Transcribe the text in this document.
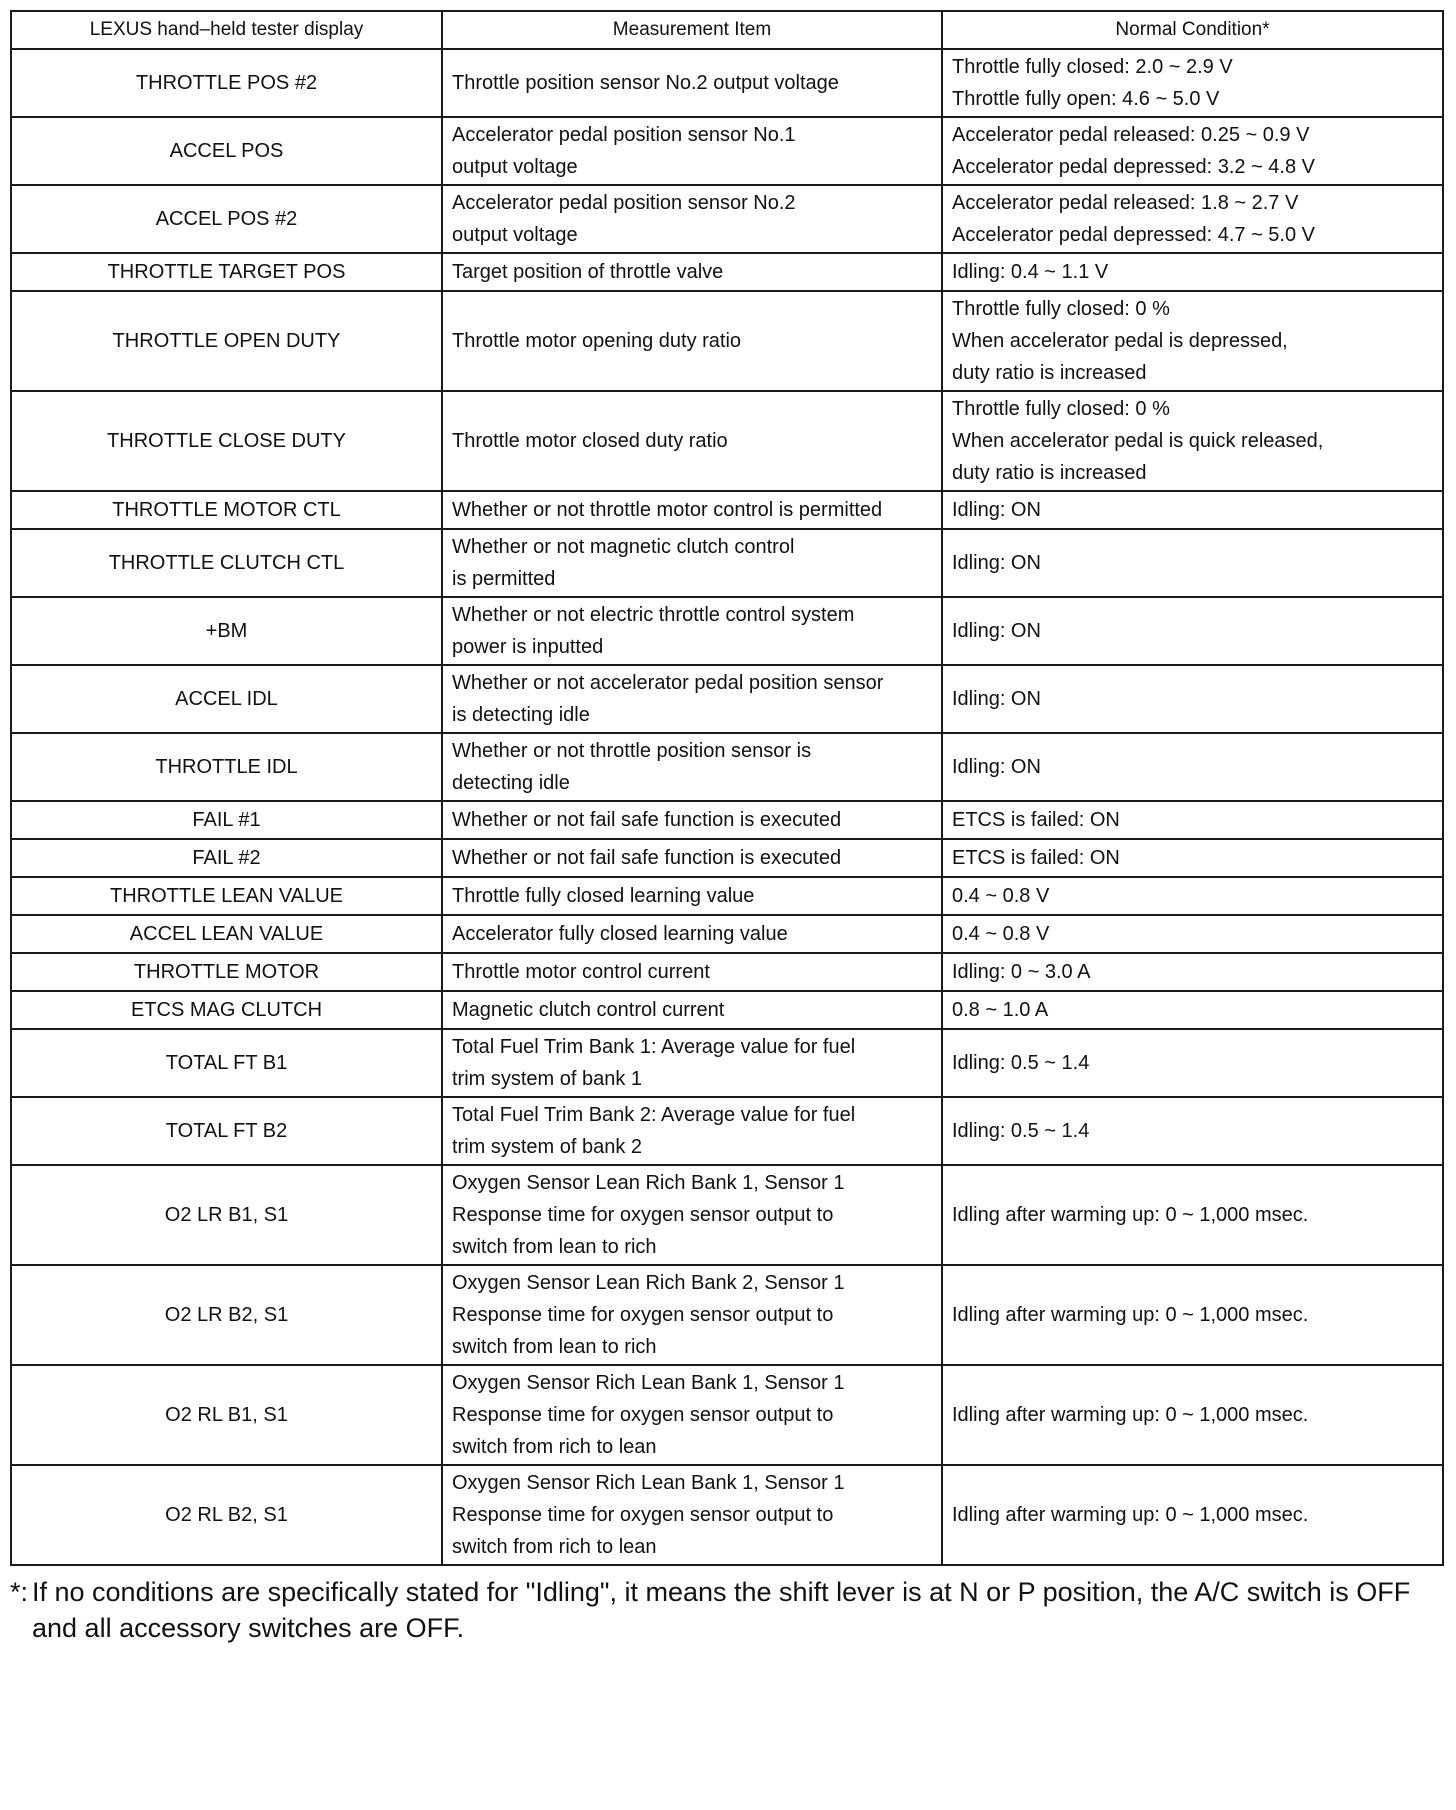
LEXUS hand–held tester display	Measurement Item	Normal Condition*
THROTTLE POS #2	Throttle position sensor No.2 output voltage	Throttle fully closed: 2.0 ~ 2.9 V
Throttle fully open: 4.6 ~ 5.0 V

ACCEL POS	Accelerator pedal position sensor No.1
output voltage	Accelerator pedal released: 0.25 ~ 0.9 V
Accelerator pedal depressed: 3.2 ~ 4.8 V

ACCEL POS #2	Accelerator pedal position sensor No.2
output voltage	Accelerator pedal released: 1.8 ~ 2.7 V
Accelerator pedal depressed: 4.7 ~ 5.0 V

THROTTLE TARGET POS	Target position of throttle valve	Idling: 0.4 ~ 1.1 V

THROTTLE OPEN DUTY	Throttle motor opening duty ratio	Throttle fully closed: 0 %
When accelerator pedal is depressed,
duty ratio is increased

THROTTLE CLOSE DUTY	Throttle motor closed duty ratio	Throttle fully closed: 0 %
When accelerator pedal is quick released,
duty ratio is increased

THROTTLE MOTOR CTL	Whether or not throttle motor control is permitted	Idling: ON

THROTTLE CLUTCH CTL	Whether or not magnetic clutch control
is permitted	Idling: ON

+BM	Whether or not electric throttle control system
power is inputted	Idling: ON

ACCEL IDL	Whether or not accelerator pedal position sensor
is detecting idle	Idling: ON

THROTTLE IDL	Whether or not throttle position sensor is
detecting idle	Idling: ON

FAIL #1	Whether or not fail safe function is executed	ETCS is failed: ON

FAIL #2	Whether or not fail safe function is executed	ETCS is failed: ON

THROTTLE LEAN VALUE	Throttle fully closed learning value	0.4 ~ 0.8 V

ACCEL LEAN VALUE	Accelerator fully closed learning value	0.4 ~ 0.8 V

THROTTLE MOTOR	Throttle motor control current	Idling: 0 ~ 3.0 A

ETCS MAG CLUTCH	Magnetic clutch control current	0.8 ~ 1.0 A

TOTAL FT B1	Total Fuel Trim Bank 1: Average value for fuel
trim system of bank 1	Idling: 0.5 ~ 1.4

TOTAL FT B2	Total Fuel Trim Bank 2: Average value for fuel
trim system of bank 2	Idling: 0.5 ~ 1.4

O2 LR B1, S1	Oxygen Sensor Lean Rich Bank 1, Sensor 1
Response time for oxygen sensor output to
switch from lean to rich	Idling after warming up: 0 ~ 1,000 msec.

O2 LR B2, S1	Oxygen Sensor Lean Rich Bank 2, Sensor 1
Response time for oxygen sensor output to
switch from lean to rich	Idling after warming up: 0 ~ 1,000 msec.

O2 RL B1, S1	Oxygen Sensor Rich Lean Bank 1, Sensor 1
Response time for oxygen sensor output to
switch from rich to lean	Idling after warming up: 0 ~ 1,000 msec.

O2 RL B2, S1	Oxygen Sensor Rich Lean Bank 1, Sensor 1
Response time for oxygen sensor output to
switch from rich to lean	Idling after warming up: 0 ~ 1,000 msec.
*: If no conditions are specifically stated for "Idling", it means the shift lever is at N or P position, the A/C switch is OFF and all accessory switches are OFF.
